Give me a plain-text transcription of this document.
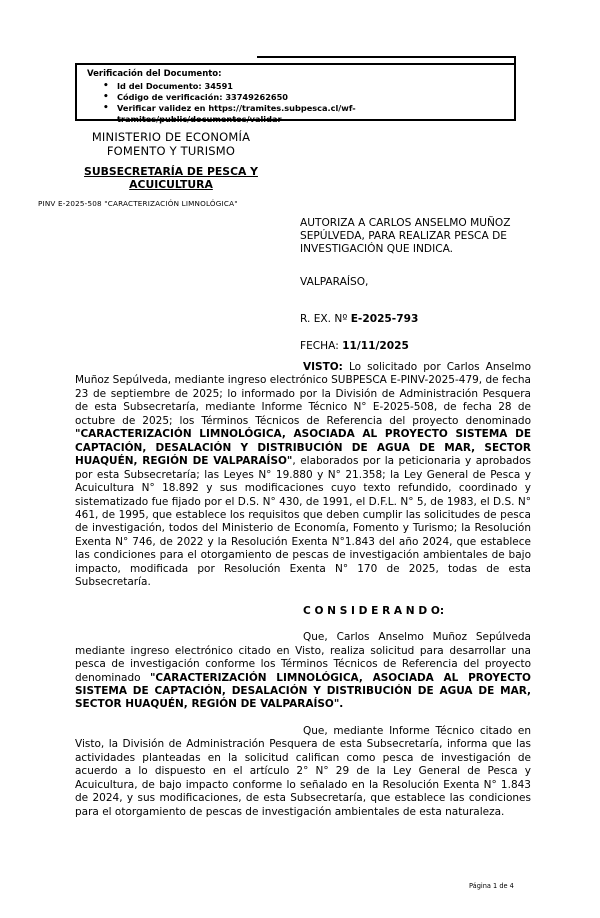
Verificación del Documento:
Id del Documento: 34591
Código de verificación: 33749262650
Verificar validez en https://tramites.subpesca.cl/wf-tramites/public/documentos/validar
MINISTERIO DE ECONOMÍA
FOMENTO Y TURISMO
SUBSECRETARÍA DE PESCA Y
ACUICULTURA
PINV E-2025-508 "CARACTERIZACIÓN LIMNOLÓGICA"
AUTORIZA A CARLOS ANSELMO MUÑOZ SEPÚLVEDA, PARA REALIZAR PESCA DE INVESTIGACIÓN QUE INDICA.
VALPARAÍSO,
R. EX. Nº E-2025-793
FECHA: 11/11/2025

VISTO: Lo solicitado por Carlos Anselmo Muñoz Sepúlveda, mediante ingreso electrónico SUBPESCA E-PINV-2025-479, de fecha 23 de septiembre de 2025; lo informado por la División de Administración Pesquera de esta Subsecretaría, mediante Informe Técnico N° E-2025-508, de fecha 28 de octubre de 2025; los Términos Técnicos de Referencia del proyecto denominado "CARACTERIZACIÓN LIMNOLÓGICA, ASOCIADA AL PROYECTO SISTEMA DE CAPTACIÓN, DESALACIÓN Y DISTRIBUCIÓN DE AGUA DE MAR, SECTOR HUAQUÉN, REGIÓN DE VALPARAÍSO", elaborados por la peticionaria y aprobados por esta Subsecretaría; las Leyes N° 19.880 y N° 21.358; la Ley General de Pesca y Acuicultura N° 18.892 y sus modificaciones cuyo texto refundido, coordinado y sistematizado fue fijado por el D.S. N° 430, de 1991, el D.F.L. N° 5, de 1983, el D.S. N° 461, de 1995, que establece los requisitos que deben cumplir las solicitudes de pesca de investigación, todos del Ministerio de Economía, Fomento y Turismo; la Resolución Exenta N° 746, de 2022 y la Resolución Exenta N°1.843 del año 2024, que establece las condiciones para el otorgamiento de pescas de investigación ambientales de bajo impacto, modificada por Resolución Exenta N° 170 de 2025, todas de esta Subsecretaría.

C O N S I D E R A N D O:

Que, Carlos Anselmo Muñoz Sepúlveda mediante ingreso electrónico citado en Visto, realiza solicitud para desarrollar una pesca de investigación conforme los Términos Técnicos de Referencia del proyecto denominado "CARACTERIZACIÓN LIMNOLÓGICA, ASOCIADA AL PROYECTO SISTEMA DE CAPTACIÓN, DESALACIÓN Y DISTRIBUCIÓN DE AGUA DE MAR, SECTOR HUAQUÉN, REGIÓN DE VALPARAÍSO".

Que, mediante Informe Técnico citado en Visto, la División de Administración Pesquera de esta Subsecretaría, informa que las actividades planteadas en la solicitud califican como pesca de investigación de acuerdo a lo dispuesto en el artículo 2° N° 29 de la Ley General de Pesca y Acuicultura, de bajo impacto conforme lo señalado en la Resolución Exenta N° 1.843 de 2024, y sus modificaciones, de esta Subsecretaría, que establece las condiciones para el otorgamiento de pescas de investigación ambientales de esta naturaleza.

Página 1 de 4
